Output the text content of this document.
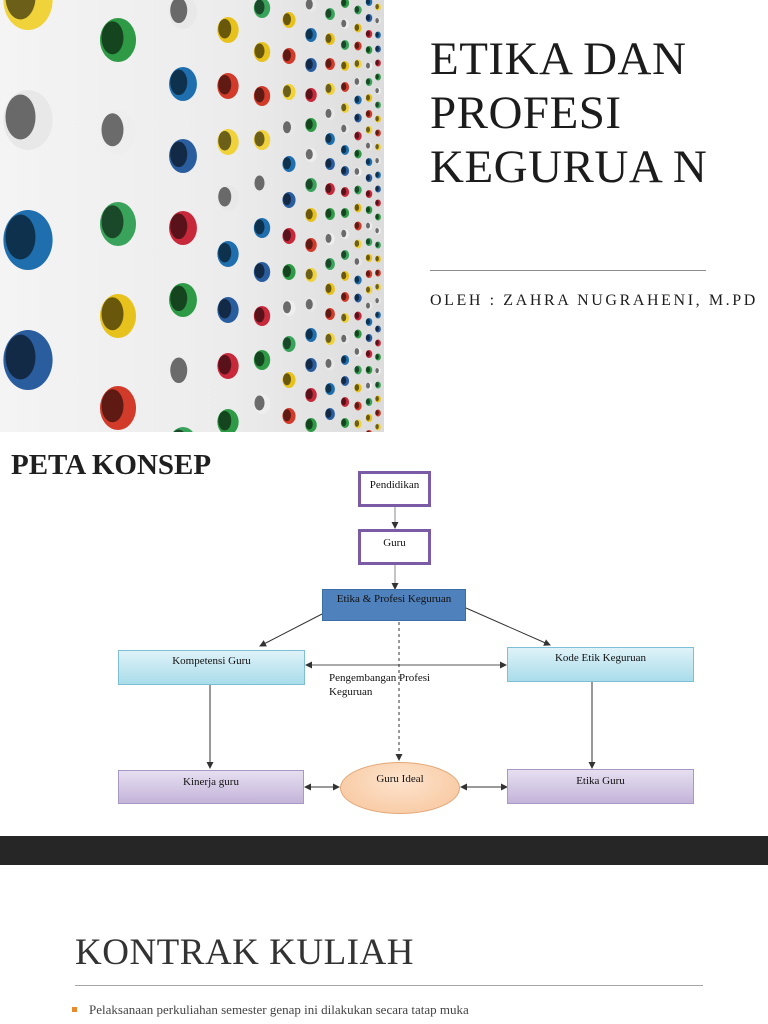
ETIKA DAN PROFESI KEGURUA N

OLEH : ZAHRA NUGRAHENI, M.PD

PETA KONSEP
Pendidikan
Guru
Etika & Profesi Keguruan
Kompetensi Guru	Kode Etik Keguruan
Pengembangan Profesi Keguruan
Kinerja guru	Guru Ideal	Etika Guru
KONTRAK KULIAH
Pelaksanaan perkuliahan semester genap ini dilakukan secara tatap muka
